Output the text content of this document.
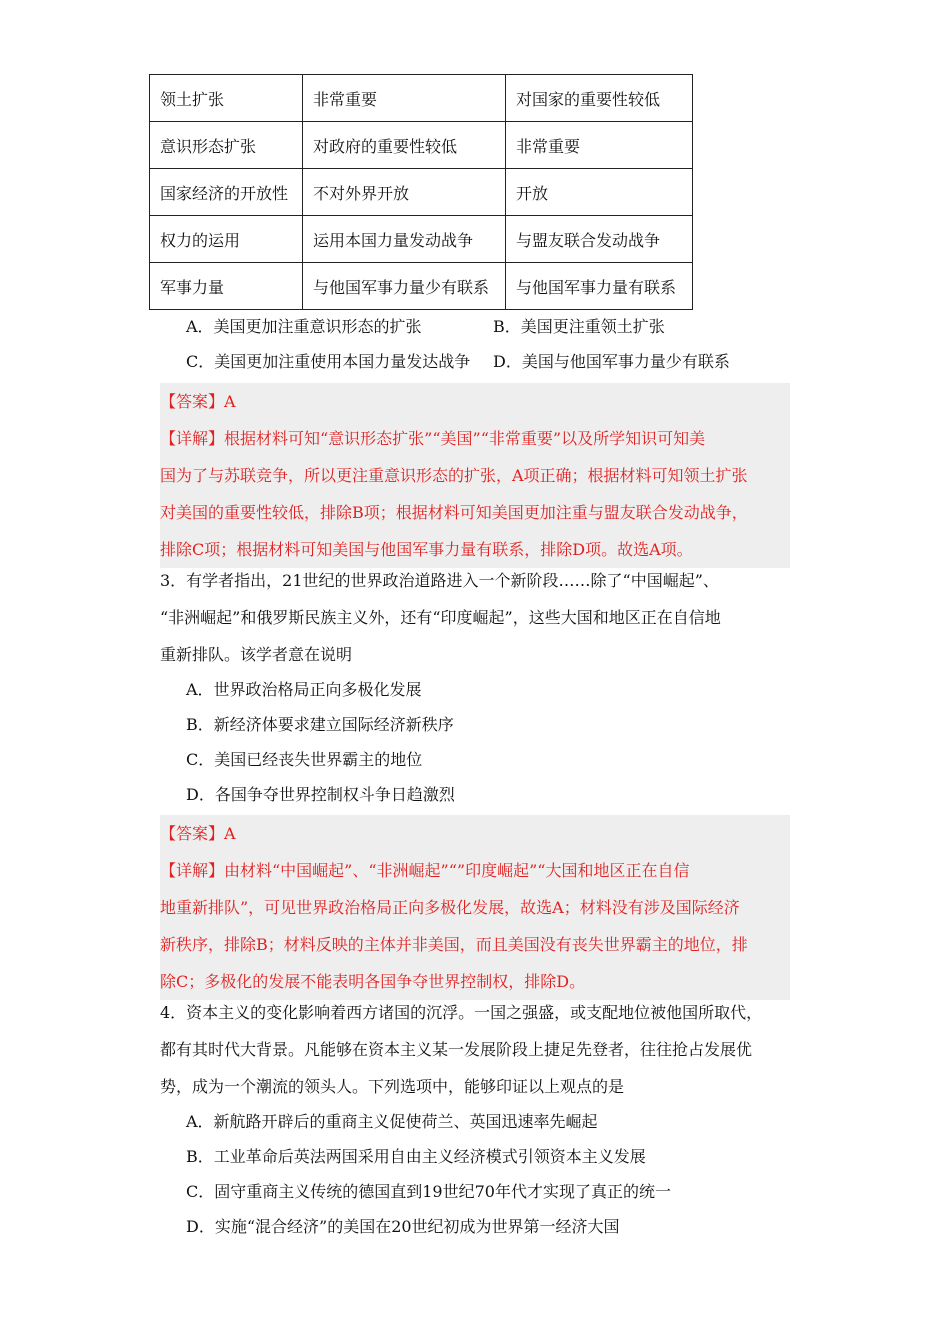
领土扩张	非常重要	对国家的重要性较低
意识形态扩张	对政府的重要性较低	非常重要
国家经济的开放性	不对外界开放	开放
权力的运用	运用本国力量发动战争	与盟友联合发动战争
军事力量	与他国军事力量少有联系	与他国军事力量有联系
A．美国更加注重意识形态的扩张	B．美国更注重领土扩张
C．美国更加注重使用本国力量发达战争 D．美国与他国军事力量少有联系
【答案】A
【详解】根据材料可知“意识形态扩张”“美国”“非常重要”以及所学知识可知美
国为了与苏联竞争，所以更注重意识形态的扩张，A项正确；根据材料可知领土扩张
对美国的重要性较低，排除B项；根据材料可知美国更加注重与盟友联合发动战争，
排除C项；根据材料可知美国与他国军事力量有联系，排除D项。故选A项。
3．有学者指出，21世纪的世界政治道路进入一个新阶段……除了“中国崛起”、
“非洲崛起”和俄罗斯民族主义外，还有“印度崛起”，这些大国和地区正在自信地
重新排队。该学者意在说明
A．世界政治格局正向多极化发展
B．新经济体要求建立国际经济新秩序
C．美国已经丧失世界霸主的地位
D．各国争夺世界控制权斗争日趋激烈
【答案】A
【详解】由材料“中国崛起”、“非洲崛起”“”印度崛起”“大国和地区正在自信
地重新排队”，可见世界政治格局正向多极化发展，故选A；材料没有涉及国际经济
新秩序，排除B；材料反映的主体并非美国，而且美国没有丧失世界霸主的地位，排
除C；多极化的发展不能表明各国争夺世界控制权，排除D。
4．资本主义的变化影响着西方诸国的沉浮。一国之强盛，或支配地位被他国所取代，
都有其时代大背景。凡能够在资本主义某一发展阶段上捷足先登者，往往抢占发展优
势，成为一个潮流的领头人。下列选项中，能够印证以上观点的是
A．新航路开辟后的重商主义促使荷兰、英国迅速率先崛起
B．工业革命后英法两国采用自由主义经济模式引领资本主义发展
C．固守重商主义传统的德国直到19世纪70年代才实现了真正的统一
D．实施“混合经济”的美国在20世纪初成为世界第一经济大国
